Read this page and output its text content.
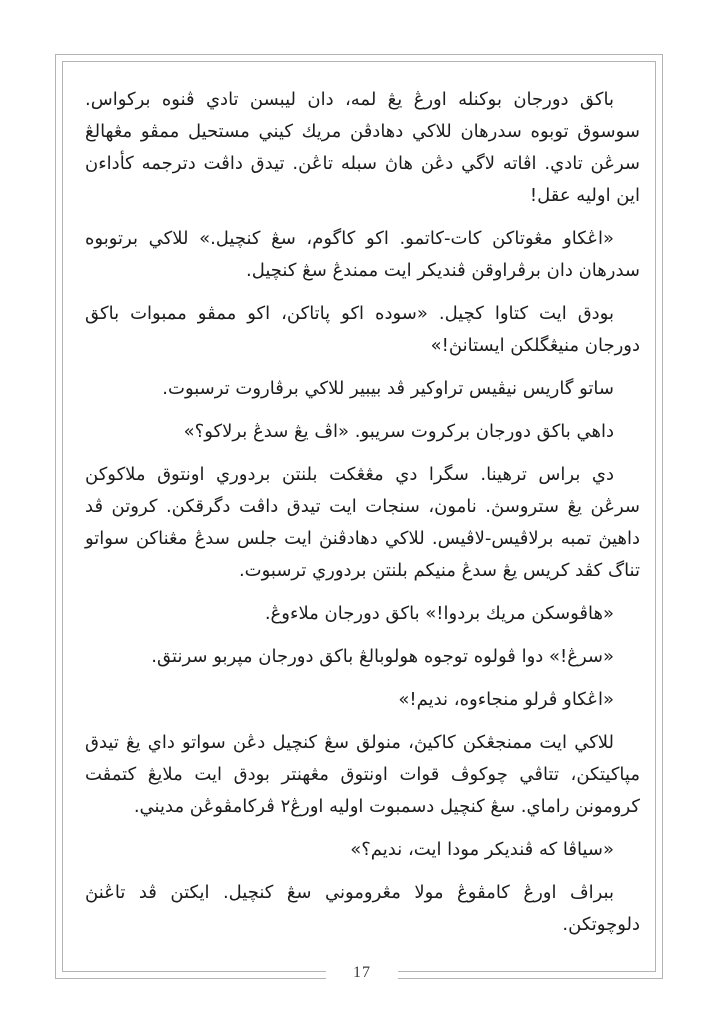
باكق دورجان بوكنله اورڠ يڠ لمه، دان ليبسن تادي ڤنوه بركواس. سوسوق توبوه سدرهان للاكي دهادڤن مريك كيني مستحيل ممڤو مڠهالڠ سرڠن تادي. اڤاته لاگي دڠن هاڽ سبله تاڠن. تيدق داڤت دترجمه كأداءن اين اوليه عقل!

«اڠكاو مڠوتاكن كات-كاتمو. اكو كاگوم، سڠ كنچيل.» للاكي برتوبوه سدرهان دان برڤراوقن ڤنديكر ايت ممندڠ سڠ كنچيل.

بودق ايت كتاوا كچيل. «سوده اكو ڽاتاكن، اكو ممڤو ممبوات باكق دورجان منيڠگلكن ايستانڽ!»

ساتو گاريس نيڤيس تراوكير ڤد بيبير للاكي برڤاروت ترسبوت.

داهي باكق دورجان بركروت سريبو. «اڤ يڠ سدڠ برلاكو؟»

دي براس ترهينا. سگرا دي مڠڠكت بلنتن بردوري اونتوق ملاكوكن سرڠن يڠ ستروسڽ. نامون، سنجات ايت تيدق داڤت دگرقكن. كروتن ڤد داهيڽ تمبه برلاڤيس-لاڤيس. للاكي دهادڤنڽ ايت جلس سدڠ مڠناكن سواتو تناگ كڤد كريس يڠ سدڠ منيكم بلنتن بردوري ترسبوت.

«هاڤوسكن مريك بردوا!» باكق دورجان ملاءوڠ.

«سرڠ!» دوا ڤولوه توجوه هولوبالڠ باكق دورجان مڽربو سرنتق.

«اڠكاو ڤرلو منجاءوه، نديم!»

للاكي ايت ممنجڠكن كاكيڽ، منولق سڠ كنچيل دڠن سواتو داي يڠ تيدق مڽاكيتكن، تتاڤي چوكوڤ قوات اونتوق مڠهنتر بودق ايت ملايڠ كتمڤت كرومونن راماي. سڠ كنچيل دسمبوت اوليه اورڠ٢ ڤركامڤوڠن مديني.

«سياڤا كه ڤنديكر مودا ايت، نديم؟»

ببراڤ اورڠ كامڤوڠ مولا مڠروموني سڠ كنچيل. ايكتن ڤد تاڠنڽ دلوچوتكن.

17
